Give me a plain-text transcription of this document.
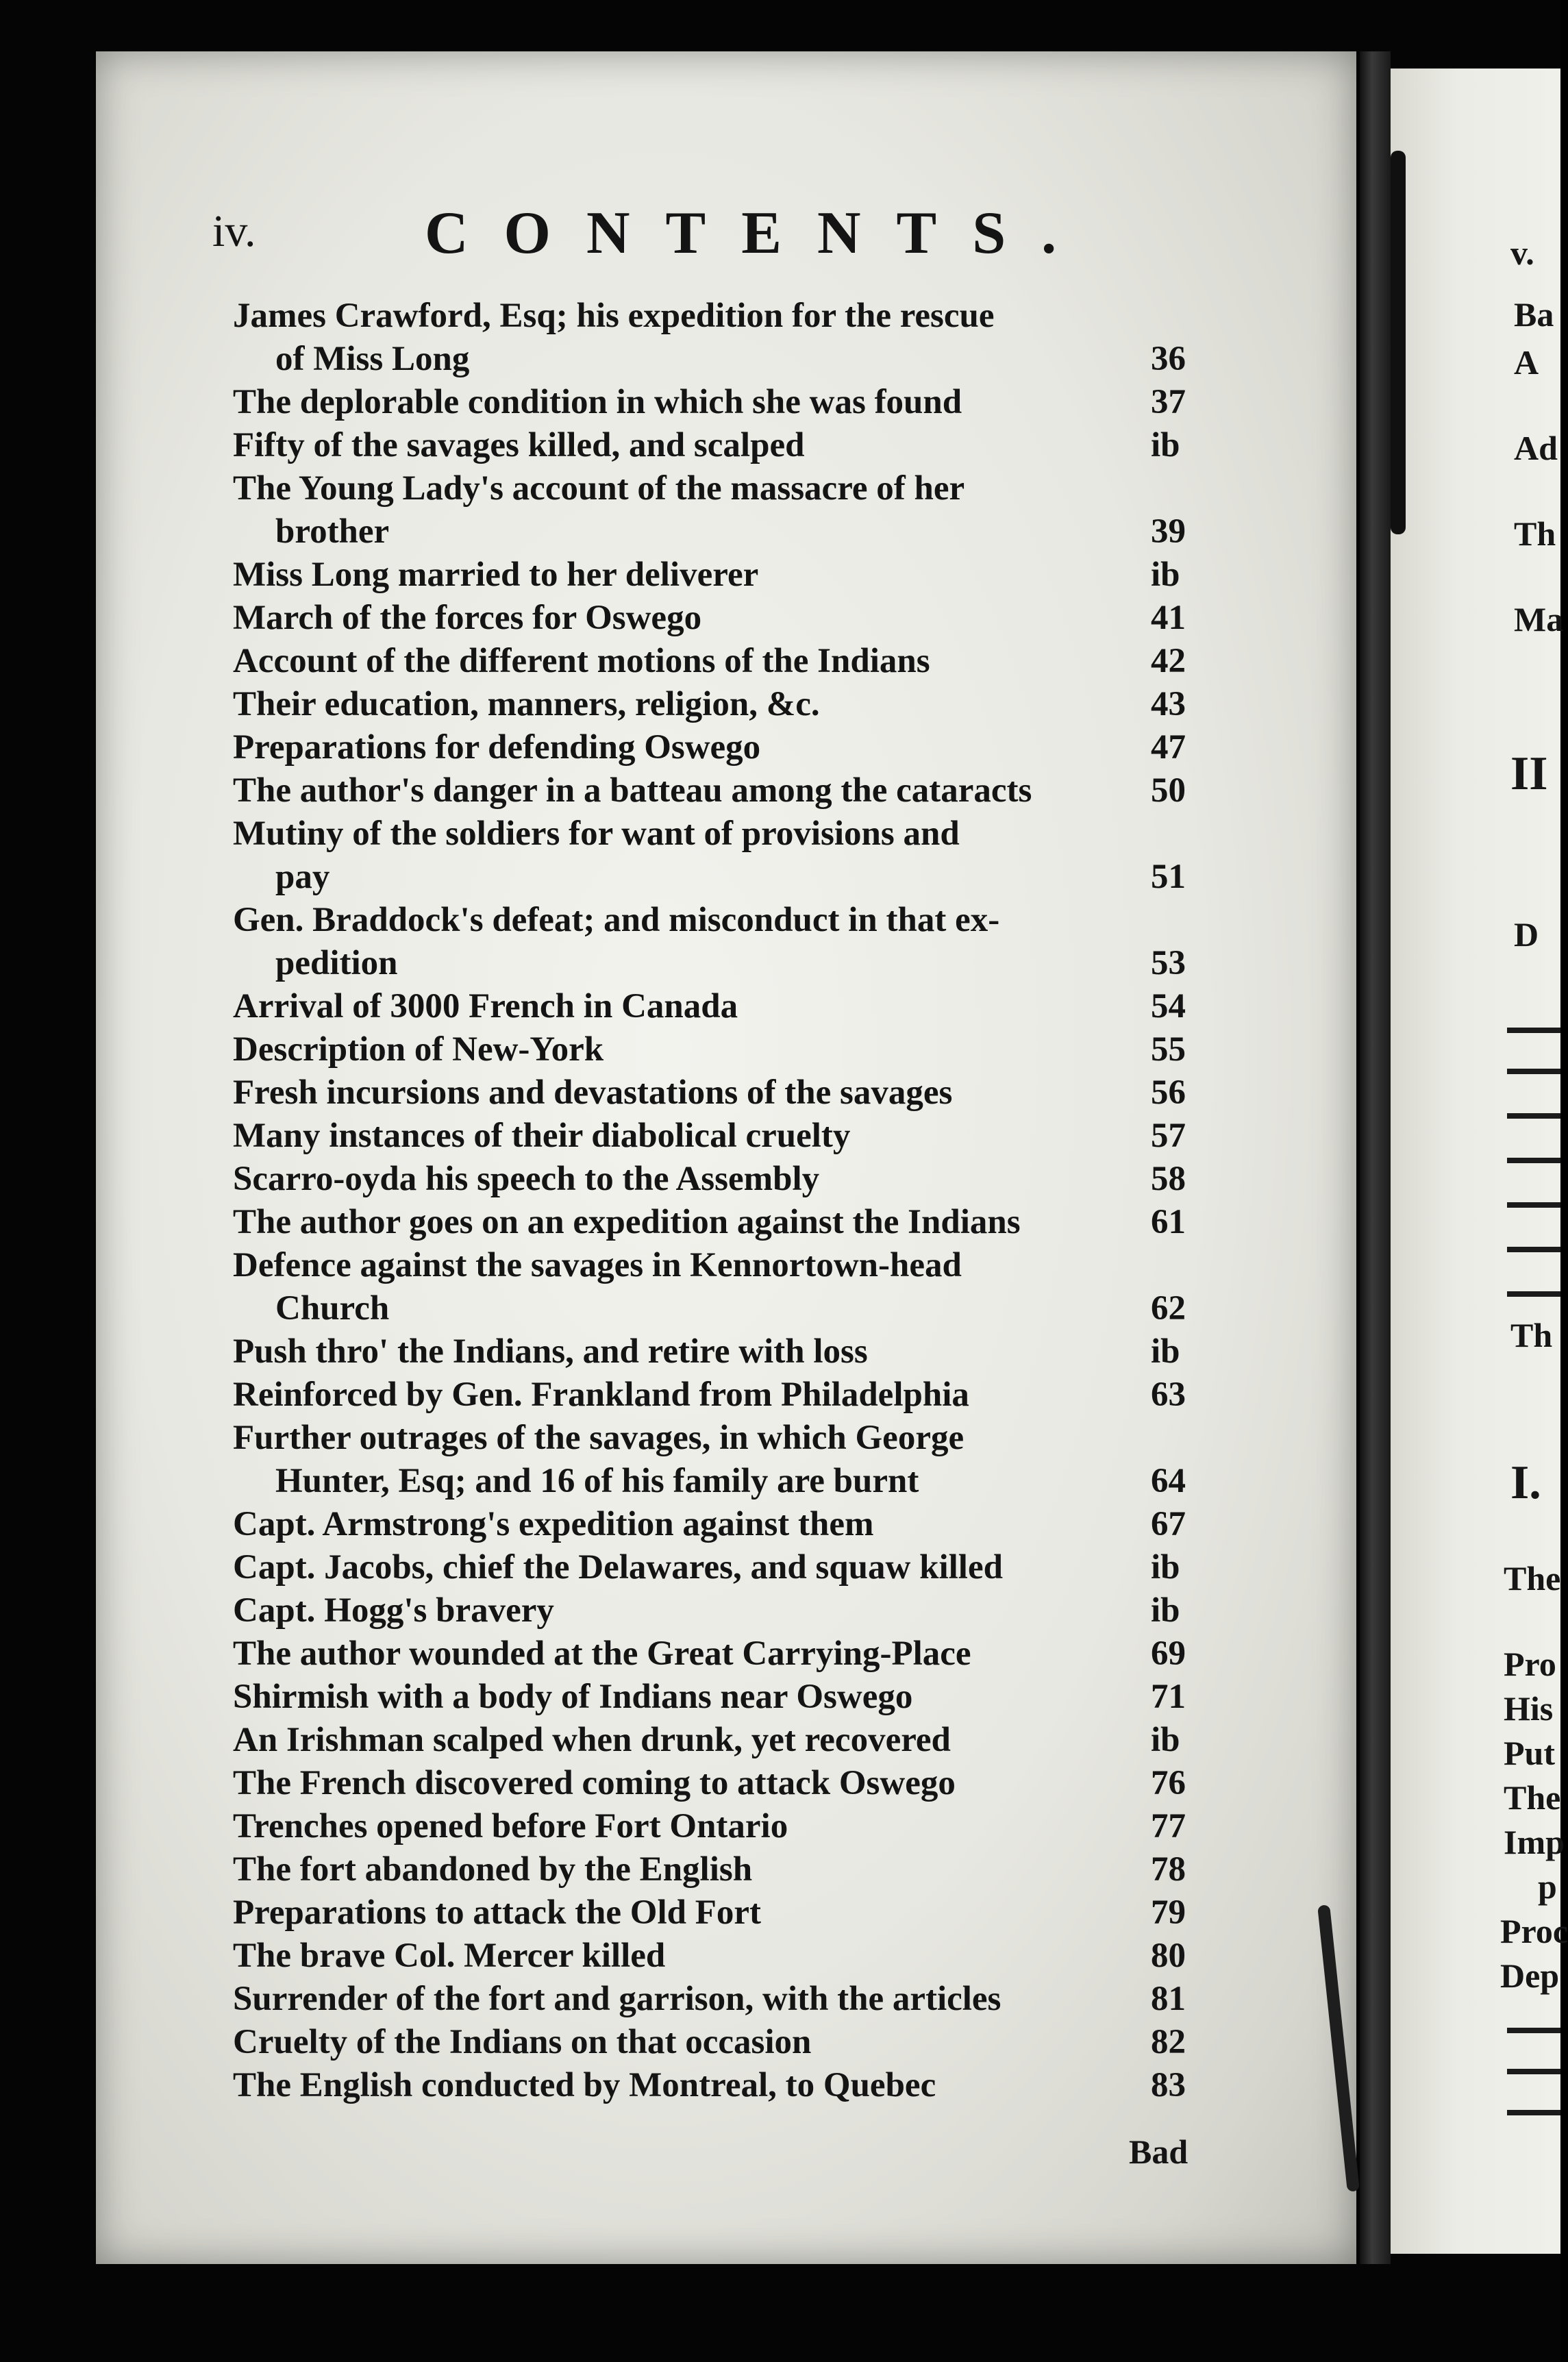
iv.	CONTENTS.
James Crawford, Esq; his expedition for the rescue
of Miss Long	36
The deplorable condition in which she was found	37
Fifty of the savages killed, and scalped	ib
The Young Lady's account of the massacre of her
brother	39
Miss Long married to her deliverer	ib
March of the forces for Oswego	41
Account of the different motions of the Indians	42
Their education, manners, religion, &c.	43
Preparations for defending Oswego	47
The author's danger in a batteau among the cataracts	50
Mutiny of the soldiers for want of provisions and
pay	51
Gen. Braddock's defeat; and misconduct in that ex-
pedition	53
Arrival of 3000 French in Canada	54
Description of New-York	55
Fresh incursions and devastations of the savages	56
Many instances of their diabolical cruelty	57
Scarro-oyda his speech to the Assembly	58
The author goes on an expedition against the Indians	61
Defence against the savages in Kennortown-head
Church	62
Push thro' the Indians, and retire with loss	ib
Reinforced by Gen. Frankland from Philadelphia	63
Further outrages of the savages, in which George
Hunter, Esq; and 16 of his family are burnt	64
Capt. Armstrong's expedition against them	67
Capt. Jacobs, chief the Delawares, and squaw killed	ib
Capt. Hogg's bravery	ib
The author wounded at the Great Carrying-Place	69
Shirmish with a body of Indians near Oswego	71
An Irishman scalped when drunk, yet recovered	ib
The French discovered coming to attack Oswego	76
Trenches opened before Fort Ontario	77
The fort abandoned by the English	78
Preparations to attack the Old Fort	79
The brave Col. Mercer killed	80
Surrender of the fort and garrison, with the articles	81
Cruelty of the Indians on that occasion	82
The English conducted by Montreal, to Quebec	83
Bad
v.
Ba
A
Ad
Th
Ma
II
D
Th
I.
The
Pro
His
Put
The
Imp
p
Proc
Dep
